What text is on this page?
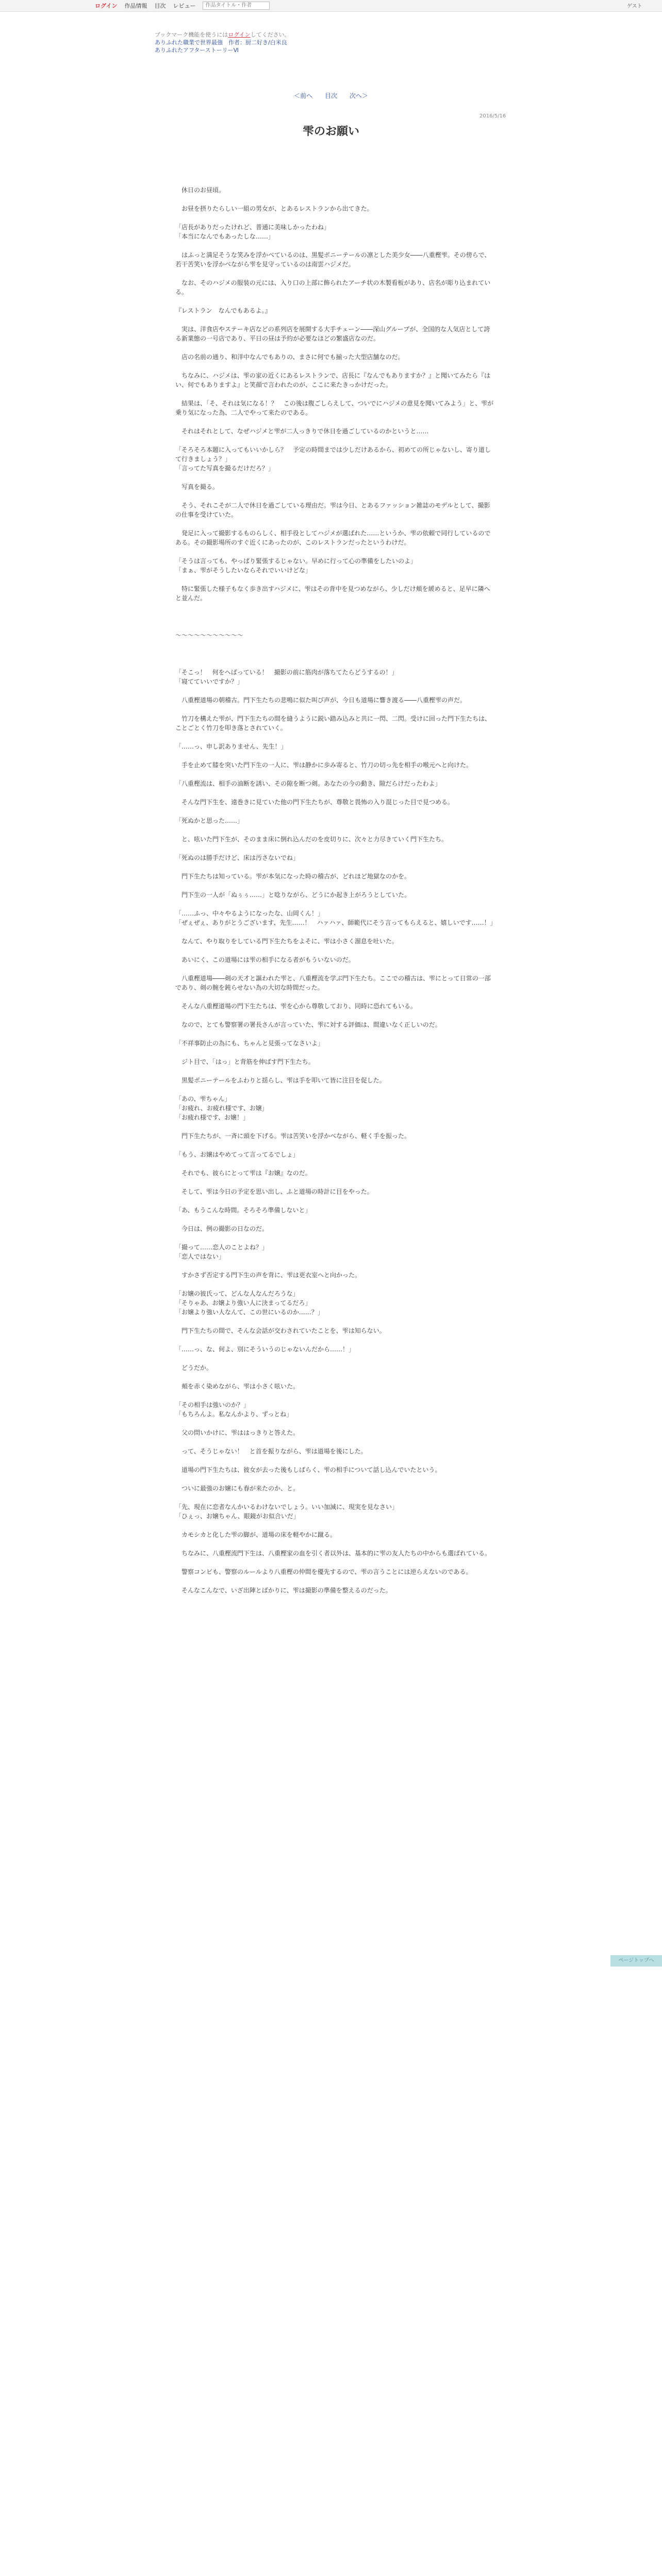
ログイン 作品情報 目次 レビュー
作品タイトル・作者	ゲスト
ブックマーク機能を使うにはログインしてください。
ありふれた職業で世界最強　作者：厨二好き/白米良
ありふれたアフターストーリーⅥ
＜前へ 目次 次へ＞
2016/5/16
雫のお願い

　休日のお昼頃。

　お昼を摂りたらしい一組の男女が、とあるレストランから出てきた。

「店長がありだったけれど、普通に美味しかったわね」

「本当になんでもあったしな……」

　はふっと満足そうな笑みを浮かべているのは、黒髪ポニーテールの凛とした美少女――八重樫雫。その傍らで、若干苦笑いを浮かべながら雫を見守っているのは南雲ハジメだ。

　なお、そのハジメの服装の元には、入り口の上部に飾られたアーチ状の木製看板があり、店名が彫り込まれている。

『レストラン　なんでもあるよ。』

　実は、洋食店やステーキ店などの系列店を展開する大手チェーン――深山グループが、全国的な人気店として誇る新業態の一号店であり、平日の昼は予約が必要なほどの繁盛店なのだ。

　店の名前の通り、和洋中なんでもありの、まさに何でも揃った大型店舗なのだ。

　ちなみに、ハジメは、雫の家の近くにあるレストランで、店長に『なんでもありますか？』と聞いてみたら『はい、何でもありますよ』と笑顔で言われたのが、ここに来たきっかけだった。

　結果は、「そ、それは気になる！？　この後は腹ごしらえして、ついでにハジメの意見を聞いてみよう」と、雫が乗り気になった為、二人でやって来たのである。

　それはそれとして、なぜハジメと雫が二人っきりで休日を過ごしているのかというと……

「そろそろ本題に入ってもいいかしら？　予定の時間までは少しだけあるから、初めての所じゃないし、寄り道して行きましょう？」

「言ってた写真を撮るだけだろ？」

　写真を撮る。

　そう、それこそが二人で休日を過ごしている理由だ。雫は今日、とあるファッション雑誌のモデルとして、撮影の仕事を受けていた。

　発足に入って撮影するものらしく、相手役としてハジメが選ばれた……というか、雫の依頼で同行しているのである。その撮影場所のすぐ近くにあったのが、このレストランだったというわけだ。

「そうは言っても、やっぱり緊張するじゃない。早めに行って心の準備をしたいのよ」

「まぁ、雫がそうしたいならそれでいいけどな」

　特に緊張した様子もなく歩き出すハジメに、雫はその背中を見つめながら、少しだけ頬を緩めると、足早に隣へと並んだ。

～～～～～～～～～～～

「そこっ！　何をへばっている！　撮影の前に筋肉が落ちてたらどうするの！」

「寝てていいですか？」

　八重樫道場の朝稽古。門下生たちの悲鳴に似た叫び声が、今日も道場に響き渡る――八重樫雫の声だ。

　竹刀を構えた雫が、門下生たちの間を縫うように鋭い踏み込みと共に一閃、二閃。受けに回った門下生たちは、ことごとく竹刀を叩き落とされていく。

「……っ、申し訳ありません、先生！」

　手を止めて膝を突いた門下生の一人に、雫は静かに歩み寄ると、竹刀の切っ先を相手の喉元へと向けた。

「八重樫流は、相手の油断を誘い、その隙を断つ剣。あなたの今の動き、隙だらけだったわよ」

　そんな門下生を、遠巻きに見ていた他の門下生たちが、尊敬と畏怖の入り混じった目で見つめる。

「死ぬかと思った……」

　と、呟いた門下生が、そのまま床に倒れ込んだのを皮切りに、次々と力尽きていく門下生たち。

「死ぬのは勝手だけど、床は汚さないでね」

　門下生たちは知っている。雫が本気になった時の稽古が、どれほど地獄なのかを。

　門下生の一人が「ぬぅぅ……」と唸りながら、どうにか起き上がろうとしていた。

「……ふっ、中々やるようになったな、山岡くん！」

「ぜぇぜぇ、ありがとうございます、先生……！　ハァハァ、師範代にそう言ってもらえると、嬉しいです……！」

　なんて、やり取りをしている門下生たちをよそに、雫は小さく溜息を吐いた。

　あいにく、この道場には雫の相手になる者がもういないのだ。

　八重樫道場――剣の天才と謳われた雫と、八重樫流を学ぶ門下生たち。ここでの稽古は、雫にとって日常の一部であり、剣の腕を鈍らせない為の大切な時間だった。

　そんな八重樫道場の門下生たちは、雫を心から尊敬しており、同時に恐れてもいる。

　なので、とても警察署の署長さんが言っていた、雫に対する評価は、間違いなく正しいのだ。

「不祥事防止の為にも、ちゃんと見張ってなさいよ」

　ジト目で、「はっ」と背筋を伸ばす門下生たち。

　黒髪ポニーテールをふわりと揺らし、雫は手を叩いて皆に注目を促した。

「あの、雫ちゃん」

「お疲れ、お疲れ様です、お嬢」

「お疲れ様です、お嬢！」

　門下生たちが、一斉に頭を下げる。雫は苦笑いを浮かべながら、軽く手を振った。

「もう、お嬢はやめてって言ってるでしょ」

　それでも、彼らにとって雫は『お嬢』なのだ。

　そして、雫は今日の予定を思い出し、ふと道場の時計に目をやった。

「あ、もうこんな時間。そろそろ準備しないと」

　今日は、例の撮影の日なのだ。

「撮って……恋人のことよね？」

「恋人ではない」

　すかさず否定する門下生の声を背に、雫は更衣室へと向かった。

「お嬢の彼氏って、どんな人なんだろうな」

「そりゃあ、お嬢より強い人に決まってるだろ」

「お嬢より強い人なんて、この世にいるのか……？」

　門下生たちの間で、そんな会話が交わされていたことを、雫は知らない。

「……っ、な、何よ、別にそういうのじゃないんだから……！」

　どうだか。

　頬を赤く染めながら、雫は小さく呟いた。

「その相手は強いのか？」

「もちろんよ。私なんかより、ずっとね」

　父の問いかけに、雫ははっきりと答えた。

　って、そうじゃない！　と首を振りながら、雫は道場を後にした。

　道場の門下生たちは、彼女が去った後もしばらく、雫の相手について話し込んでいたという。

　ついに最強のお嬢にも春が来たのか、と。

「先、現在に恋者なんかいるわけないでしょう。いい加減に、現実を見なさい」

「ひぇっ、お嬢ちゃん、眼鏡がお似合いだ」

　カモシカと化した雫の脚が、道場の床を軽やかに蹴る。

　ちなみに、八重樫流門下生は、八重樫家の血を引く者以外は、基本的に雫の友人たちの中からも選ばれている。

　警察コンビも、警察のルールより八重樫の仲間を優先するので、雫の言うことには逆らえないのである。

　そんなこんなで、いざ出陣とばかりに、雫は撮影の準備を整えるのだった。

ページトップへ
